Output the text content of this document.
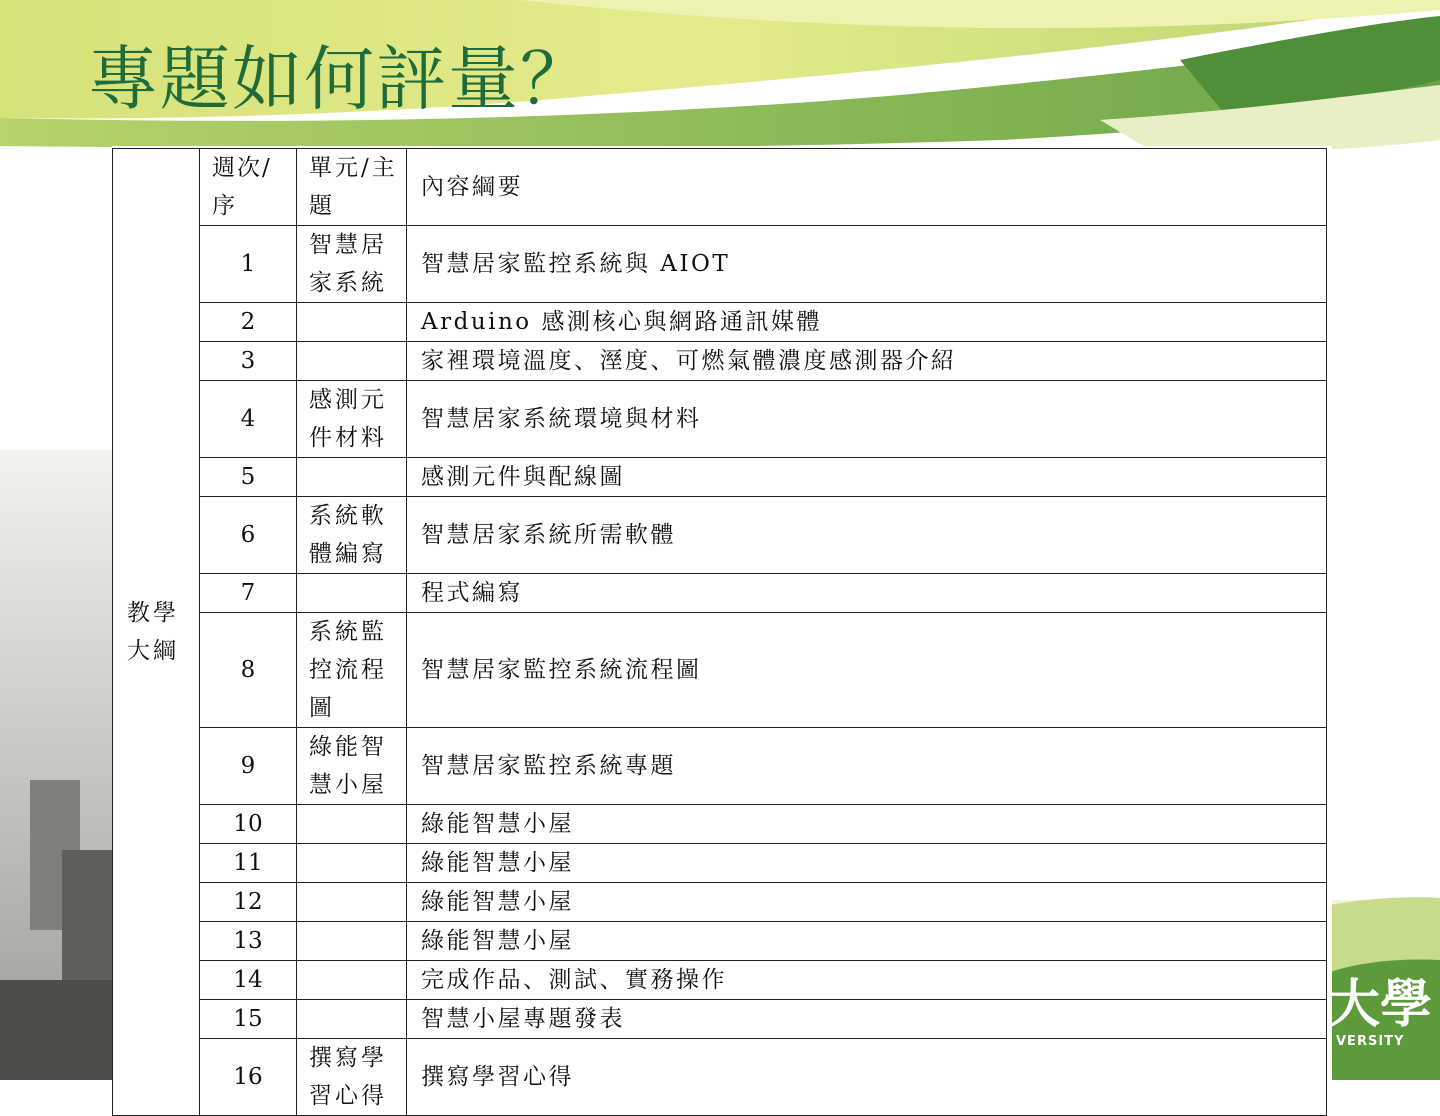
專題如何評量？
教學大綱	週次/序	單元/主題	內容綱要
	1	智慧居家系統	智慧居家監控系統與 AIOT
	2		Arduino 感測核心與網路通訊媒體
	3		家裡環境溫度、溼度、可燃氣體濃度感測器介紹
	4	感測元件材料	智慧居家系統環境與材料
	5		感測元件與配線圖
	6	系統軟體編寫	智慧居家系統所需軟體
	7		程式編寫
	8	系統監控流程圖	智慧居家監控系統流程圖
	9	綠能智慧小屋	智慧居家監控系統專題
	10		綠能智慧小屋
	11		綠能智慧小屋
	12		綠能智慧小屋
	13		綠能智慧小屋
	14		完成作品、測試、實務操作
	15		智慧小屋專題發表
	16	撰寫學習心得	撰寫學習心得
大學
VERSITY
